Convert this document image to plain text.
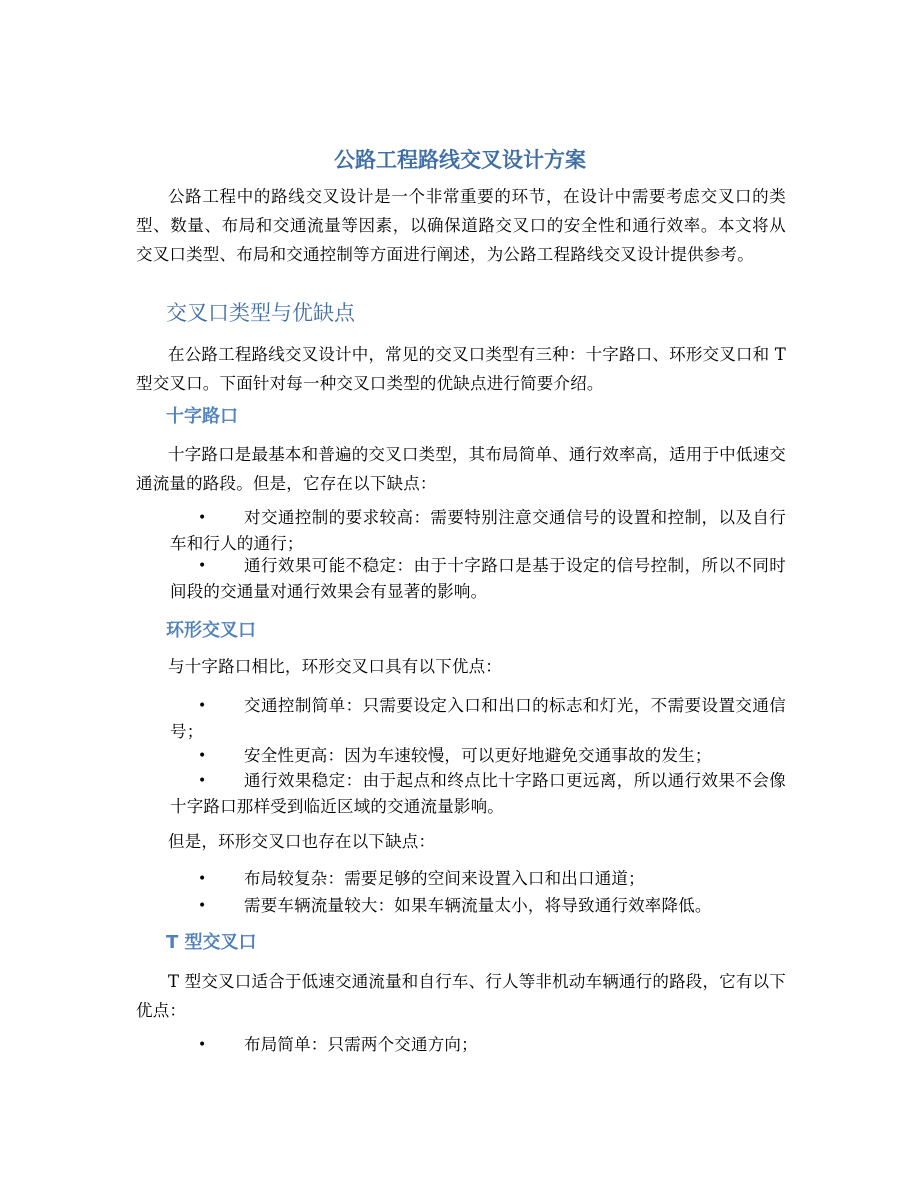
公路工程路线交叉设计方案
公路工程中的路线交叉设计是一个非常重要的环节，在设计中需要考虑交叉口的类型、数量、布局和交通流量等因素，以确保道路交叉口的安全性和通行效率。本文将从交叉口类型、布局和交通控制等方面进行阐述，为公路工程路线交叉设计提供参考。
交叉口类型与优缺点
在公路工程路线交叉设计中，常见的交叉口类型有三种：十字路口、环形交叉口和 T 型交叉口。下面针对每一种交叉口类型的优缺点进行简要介绍。
十字路口
十字路口是最基本和普遍的交叉口类型，其布局简单、通行效率高，适用于中低速交通流量的路段。但是，它存在以下缺点：
• 对交通控制的要求较高：需要特别注意交通信号的设置和控制，以及自行车和行人的通行；
• 通行效果可能不稳定：由于十字路口是基于设定的信号控制，所以不同时间段的交通量对通行效果会有显著的影响。
环形交叉口
与十字路口相比，环形交叉口具有以下优点：
• 交通控制简单：只需要设定入口和出口的标志和灯光，不需要设置交通信号；
• 安全性更高：因为车速较慢，可以更好地避免交通事故的发生；
• 通行效果稳定：由于起点和终点比十字路口更远离，所以通行效果不会像十字路口那样受到临近区域的交通流量影响。
但是，环形交叉口也存在以下缺点：
• 布局较复杂：需要足够的空间来设置入口和出口通道；
• 需要车辆流量较大：如果车辆流量太小，将导致通行效率降低。
T 型交叉口
T 型交叉口适合于低速交通流量和自行车、行人等非机动车辆通行的路段，它有以下优点：
• 布局简单：只需两个交通方向；
